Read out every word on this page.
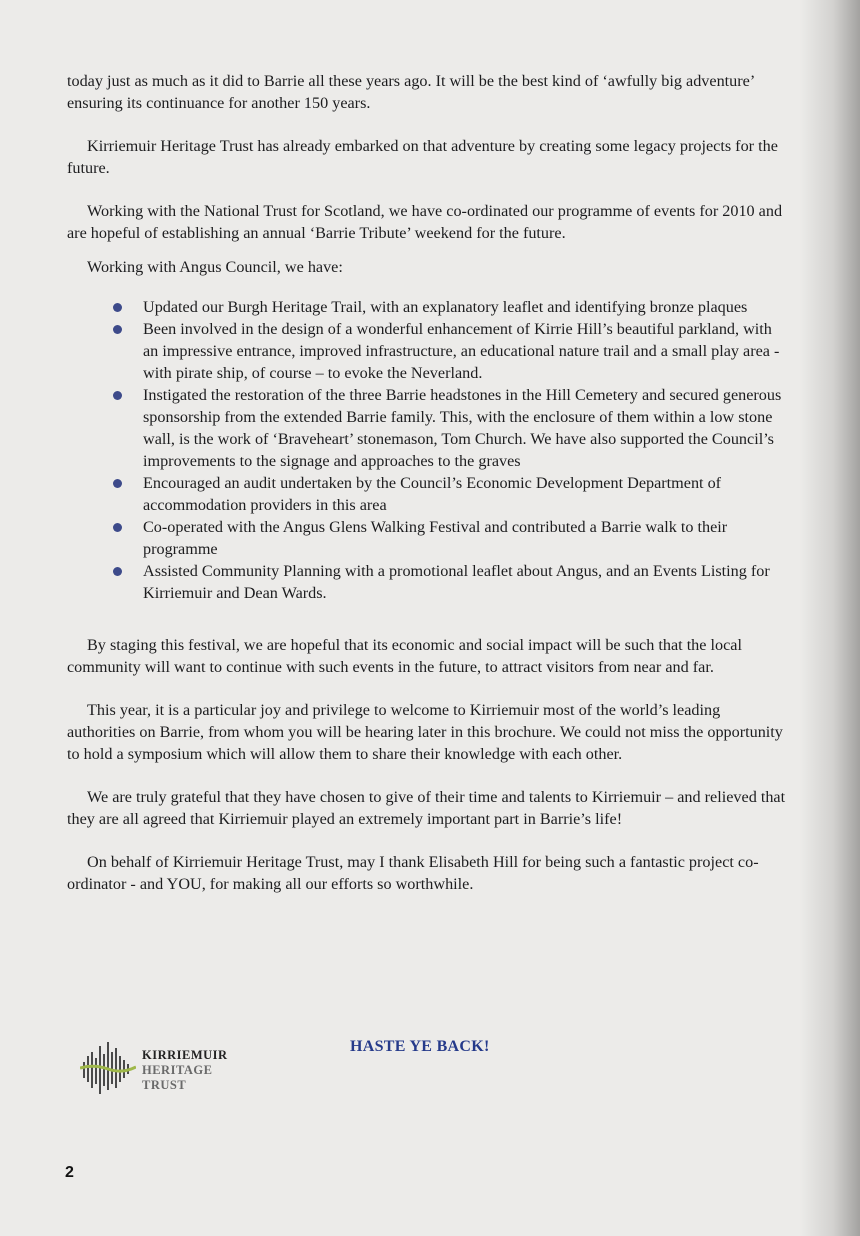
today just as much as it did to Barrie all these years ago. It will be the best kind of ‘awfully big adventure’ ensuring its continuance for another 150 years.

Kirriemuir Heritage Trust has already embarked on that adventure by creating some legacy projects for the future.

Working with the National Trust for Scotland, we have co-ordinated our programme of events for 2010 and are hopeful of establishing an annual ‘Barrie Tribute’ weekend for the future.

Working with Angus Council, we have:

Updated our Burgh Heritage Trail, with an explanatory leaflet and identifying bronze plaques
Been involved in the design of a wonderful enhancement of Kirrie Hill’s beautiful parkland, with an impressive entrance, improved infrastructure, an educational nature trail and a small play area - with pirate ship, of course – to evoke the Neverland.
Instigated the restoration of the three Barrie headstones in the Hill Cemetery and secured generous sponsorship from the extended Barrie family. This, with the enclosure of them within a low stone wall, is the work of ‘Braveheart’ stonemason, Tom Church. We have also supported the Council’s improvements to the signage and approaches to the graves
Encouraged an audit undertaken by the Council’s Economic Development Department of accommodation providers in this area
Co-operated with the Angus Glens Walking Festival and contributed a Barrie walk to their programme
Assisted Community Planning with a promotional leaflet about Angus, and an Events Listing for Kirriemuir and Dean Wards.

By staging this festival, we are hopeful that its economic and social impact will be such that the local community will want to continue with such events in the future, to attract visitors from near and far.

This year, it is a particular joy and privilege to welcome to Kirriemuir most of the world’s leading authorities on Barrie, from whom you will be hearing later in this brochure. We could not miss the opportunity to hold a symposium which will allow them to share their knowledge with each other.

We are truly grateful that they have chosen to give of their time and talents to Kirriemuir – and relieved that they are all agreed that Kirriemuir played an extremely important part in Barrie’s life!

On behalf of Kirriemuir Heritage Trust, may I thank Elisabeth Hill for being such a fantastic project co-ordinator - and YOU, for making all our efforts so worthwhile.

KIRRIEMUIR
HERITAGE
TRUST
HASTE YE BACK!
2
